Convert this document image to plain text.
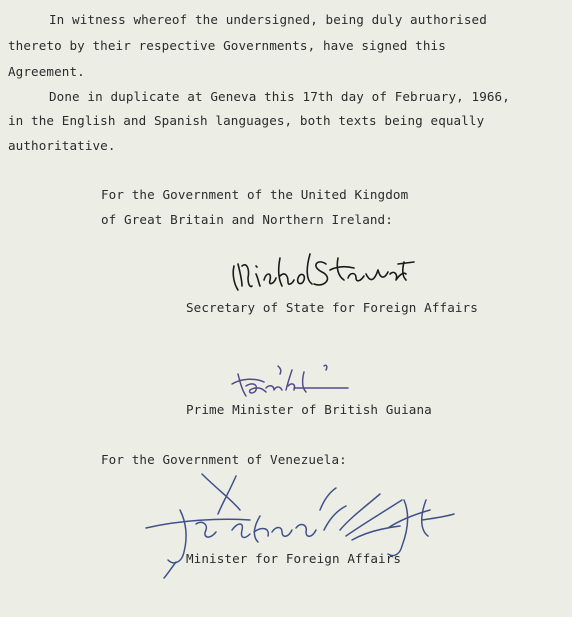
In witness whereof the undersigned, being duly authorised
thereto by their respective Governments, have signed this
Agreement.
Done in duplicate at Geneva this 17th day of February, 1966,
in the English and Spanish languages, both texts being equally
authoritative.
For the Government of the United Kingdom
of Great Britain and Northern Ireland:
Secretary of State for Foreign Affairs
Prime Minister of British Guiana
For the Government of Venezuela:
Minister for Foreign Affairs
